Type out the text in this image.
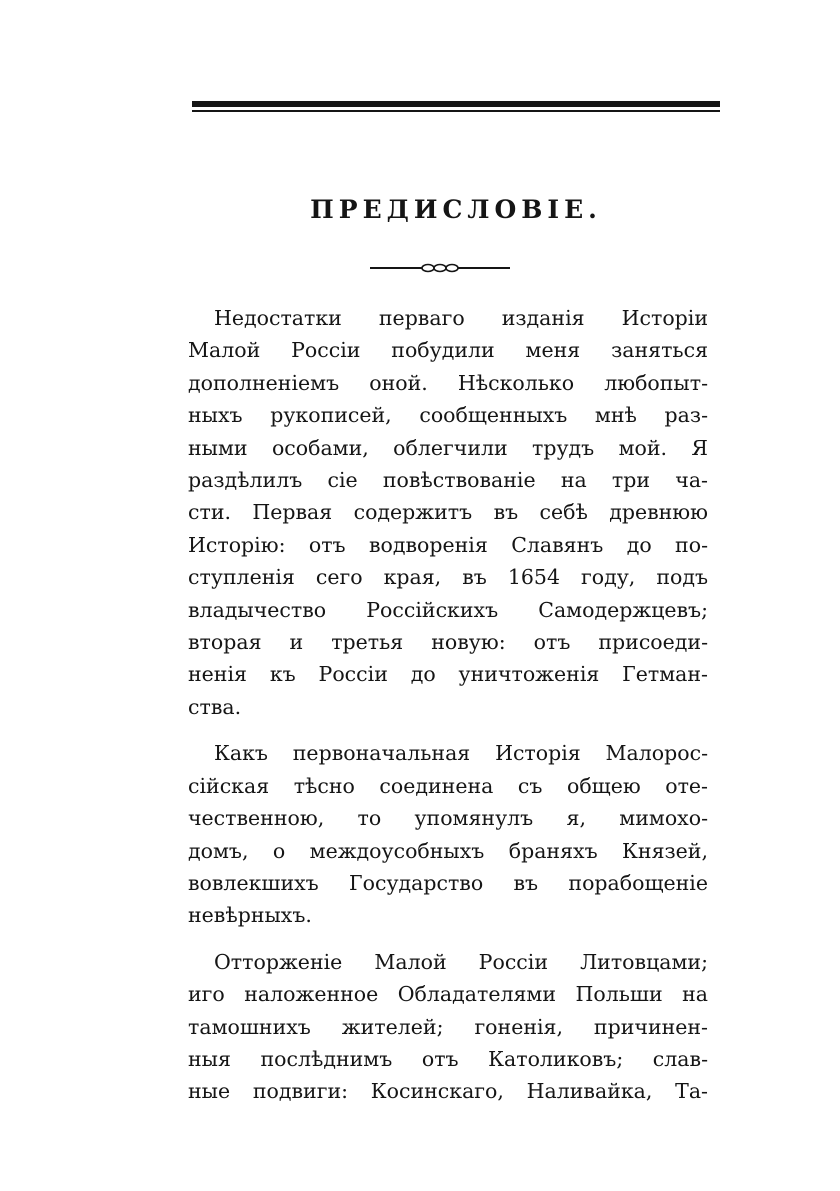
ПРЕДИСЛОВІЕ.
Недостатки перваго изданія Исторіи
Малой Россіи побудили меня заняться
дополненіемъ оной. Нѣсколько любопыт-
ныхъ рукописей, сообщенныхъ мнѣ раз-
ными особами, облегчили трудъ мой. Я
раздѣлилъ сіе повѣствованіе на три ча-
сти. Первая содержитъ въ себѣ древнюю
Исторію: отъ водворенія Славянъ до по-
ступленія сего края, въ 1654 году, подъ
владычество Россійскихъ Самодержцевъ;
вторая и третья новую: отъ присоеди-
ненія къ Россіи до уничтоженія Гетман-
ства.
Какъ первоначальная Исторія Малорос-
сійская тѣсно соединена съ общею оте-
чественною, то упомянулъ я, мимохо-
домъ, о междоусобныхъ браняхъ Князей,
вовлекшихъ Государство въ порабощеніе
невѣрныхъ.
Отторженіе Малой Россіи Литовцами;
иго наложенное Обладателями Польши на
тамошнихъ жителей; гоненія, причинен-
ныя послѣднимъ отъ Католиковъ; слав-
ные подвиги: Косинскаго, Наливайка, Та-
